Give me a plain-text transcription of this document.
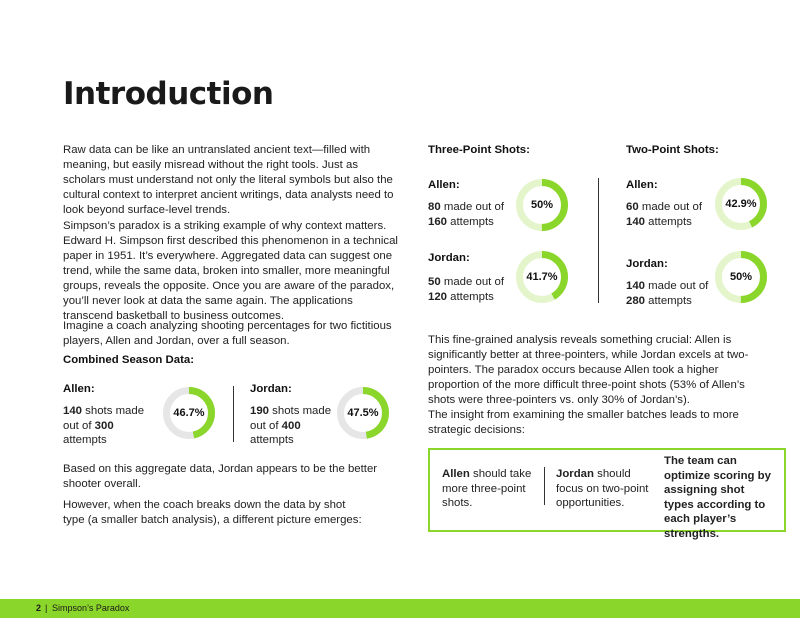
Introduction

Raw data can be like an untranslated ancient text—filled with meaning, but easily misread without the right tools. Just as scholars must understand not only the literal symbols but also the cultural context to interpret ancient writings, data analysts need to look beyond surface-level trends.

Simpson’s paradox is a striking example of why context matters. Edward H. Simpson first described this phenomenon in a technical paper in 1951. It’s everywhere. Aggregated data can suggest one trend, while the same data, broken into smaller, more meaningful groups, reveals the opposite. Once you are aware of the paradox, you’ll never look at data the same again. The applications transcend basketball to business outcomes.

Imagine a coach analyzing shooting percentages for two fictitious players, Allen and Jordan, over a full season.

Combined Season Data:
Allen:
140 shots made out of 300 attempts
46.7%
Jordan:
190 shots made out of 400 attempts
47.5%

Based on this aggregate data, Jordan appears to be the better shooter overall.

However, when the coach breaks down the data by shot type (a smaller batch analysis), a different picture emerges:

Three-Point Shots:	Two-Point Shots:
Allen:
80 made out of 160 attempts
50%
Jordan:
50 made out of 120 attempts
41.7%
Allen:
60 made out of 140 attempts
42.9%
Jordan:
140 made out of 280 attempts
50%

This fine-grained analysis reveals something crucial: Allen is significantly better at three-pointers, while Jordan excels at two-pointers. The paradox occurs because Allen took a higher proportion of the more difficult three-point shots (53% of Allen’s shots were three-pointers vs. only 30% of Jordan’s).

The insight from examining the smaller batches leads to more strategic decisions:

Allen should take more three-point shots.
Jordan should focus on two-point opportunities.
The team can optimize scoring by assigning shot types according to each player’s strengths.
2 | Simpson’s Paradox
